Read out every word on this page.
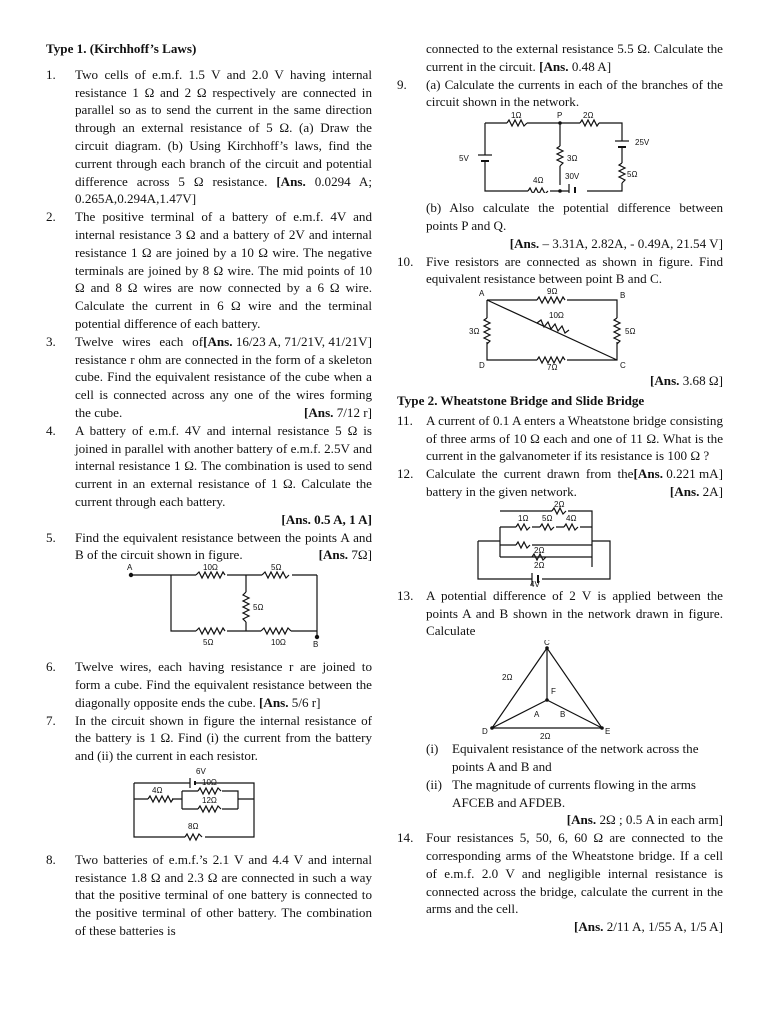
Type 1. (Kirchhoff’s Laws)
1. Two cells of e.m.f. 1.5 V and 2.0 V having internal resistance 1 Ω and 2 Ω respectively are connected in parallel so as to send the current in the same direction through an external resistance of 5 Ω. (a) Draw the circuit diagram. (b) Using Kirchhoff’s laws, find the current through each branch of the circuit and potential difference across 5 Ω resistance. [Ans. 0.0294 A; 0.265A,0.294A,1.47V]
2. The positive terminal of a battery of e.m.f. 4V and internal resistance 3 Ω and a battery of 2V and internal resistance 1 Ω are joined by a 10 Ω wire. The negative terminals are joined by 8 Ω wire. The mid points of 10 Ω and 8 Ω wires are now connected by a 6 Ω wire. Calculate the current in 6 Ω wire and the terminal potential difference of each battery.
[Ans. 16/23 A, 71/21V, 41/21V]
3. Twelve wires each of resistance r ohm are connected in the form of a skeleton cube. Find the equivalent resistance of the cube when a cell is connected across any one of the wires forming the cube.	[Ans. 7/12 r]
4. A battery of e.m.f. 4V and internal resistance 5 Ω is joined in parallel with another battery of e.m.f. 2.5V and internal resistance 1 Ω. The combination is used to send current in an external resistance of 1 Ω. Calculate the current through each battery.
[Ans. 0.5 A, 1 A]
5. Find the equivalent resistance between the points A and B of the circuit shown in figure.	[Ans. 7Ω]
A	10Ω	5Ω
5Ω
5Ω	10Ω	B
6. Twelve wires, each having resistance r are joined to form a cube. Find the equivalent resistance between the diagonally opposite ends the cube. [Ans. 5/6 r]
7. In the circuit shown in figure the internal resistance of the battery is 1 Ω. Find (i) the current from the battery and (ii) the current in each resistor.
6V
4Ω
10Ω
12Ω
8Ω
8. Two batteries of e.m.f.’s 2.1 V and 4.4 V and internal resistance 1.8 Ω and 2.3 Ω are connected in such a way that the positive terminal of one battery is connected to the positive terminal of other battery. The combination of these batteries is
connected to the external resistance 5.5 Ω. Calculate the current in the circuit. [Ans. 0.48 A]
9. (a) Calculate the currents in each of the branches of the circuit shown in the network.
1Ω	P	2Ω
25V
5V	3Ω
4Ω
5Ω
30V
(b) Also calculate the potential difference between points P and Q.
[Ans. – 3.31A, 2.82A, - 0.49A, 21.54 V]
10. Five resistors are connected as shown in figure. Find equivalent resistance between point B and C.
A	B
C
D
9Ω
10Ω
3Ω	5Ω
7Ω
[Ans. 3.68 Ω]
Type 2. Wheatstone Bridge and Slide Bridge
11. A current of 0.1 A enters a Wheatstone bridge consisting of three arms of 10 Ω each and one of 11 Ω. What is the current in the galvanometer if its resistance is 100 Ω ?
[Ans. 0.221 mA]
12. Calculate the current drawn from the battery in the given network.	[Ans. 2A]
2Ω
1Ω 5Ω 4Ω
2Ω
2Ω
4V
13. A potential difference of 2 V is applied between the points A and B shown in the network drawn in figure. Calculate
C
D	E
F
A	B
2Ω
2Ω
(i) Equivalent resistance of the network across the points A and B and
(ii) The magnitude of currents flowing in the arms AFCEB and AFDEB.
[Ans. 2Ω ; 0.5 A in each arm]
14. Four resistances 5, 50, 6, 60 Ω are connected to the corresponding arms of the Wheatstone bridge. If a cell of e.m.f. 2.0 V and negligible internal resistance is connected across the bridge, calculate the current in the arms and the cell.
[Ans. 2/11 A, 1/55 A, 1/5 A]
